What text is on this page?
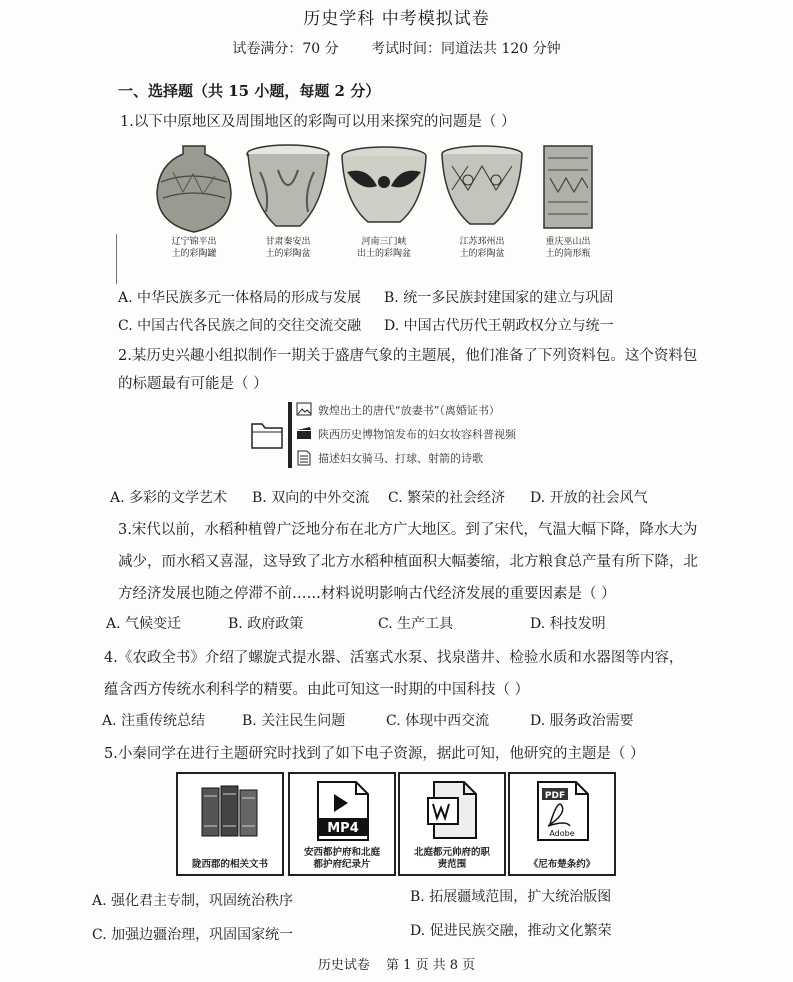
历史学科 中考模拟试卷
试卷满分：70 分 考试时间：同道法共 120 分钟
一、选择题（共 15 小题，每题 2 分）
1.以下中原地区及周围地区的彩陶可以用来探究的问题是（ ）
辽宁锦平出
土的彩陶罐
甘肃秦安出
土的彩陶盆
河南三门峡
出土的彩陶盆
江苏邳州出
土的彩陶盆
重庆巫山出
土的筒形瓶
A. 中华民族多元一体格局的形成与发展 B. 统一多民族封建国家的建立与巩固
C. 中国古代各民族之间的交往交流交融 D. 中国古代历代王朝政权分立与统一
2.某历史兴趣小组拟制作一期关于盛唐气象的主题展，他们准备了下列资料包。这个资料包
的标题最有可能是（ ）
敦煌出土的唐代“放妻书”（离婚证书）
陕西历史博物馆发布的妇女妆容科普视频
描述妇女骑马、打球、射箭的诗歌
A. 多彩的文学艺术 B. 双向的中外交流 C. 繁荣的社会经济 D. 开放的社会风气
3.宋代以前，水稻种植曾广泛地分布在北方广大地区。到了宋代，气温大幅下降，降水大为
减少，而水稻又喜湿，这导致了北方水稻种植面积大幅萎缩，北方粮食总产量有所下降，北
方经济发展也随之停滞不前……材料说明影响古代经济发展的重要因素是（ ）
A. 气候变迁	B. 政府政策	C. 生产工具	D. 科技发明
4.《农政全书》介绍了螺旋式提水器、活塞式水泵、找泉凿井、检验水质和水器图等内容，
蕴含西方传统水利科学的精要。由此可知这一时期的中国科技（ ）
A. 注重传统总结	B. 关注民生问题	C. 体现中西交流	D. 服务政治需要
5.小秦同学在进行主题研究时找到了如下电子资源，据此可知，他研究的主题是（ ）
陇西郡的相关文书
MP4
安西都护府和北庭
都护府纪录片
北庭都元帅府的职
责范围
PDF
Adobe
《尼布楚条约》
A. 强化君主专制，巩固统治秩序	B. 拓展疆域范围，扩大统治版图
C. 加强边疆治理，巩固国家统一	D. 促进民族交融，推动文化繁荣
历史试卷 第 1 页 共 8 页
